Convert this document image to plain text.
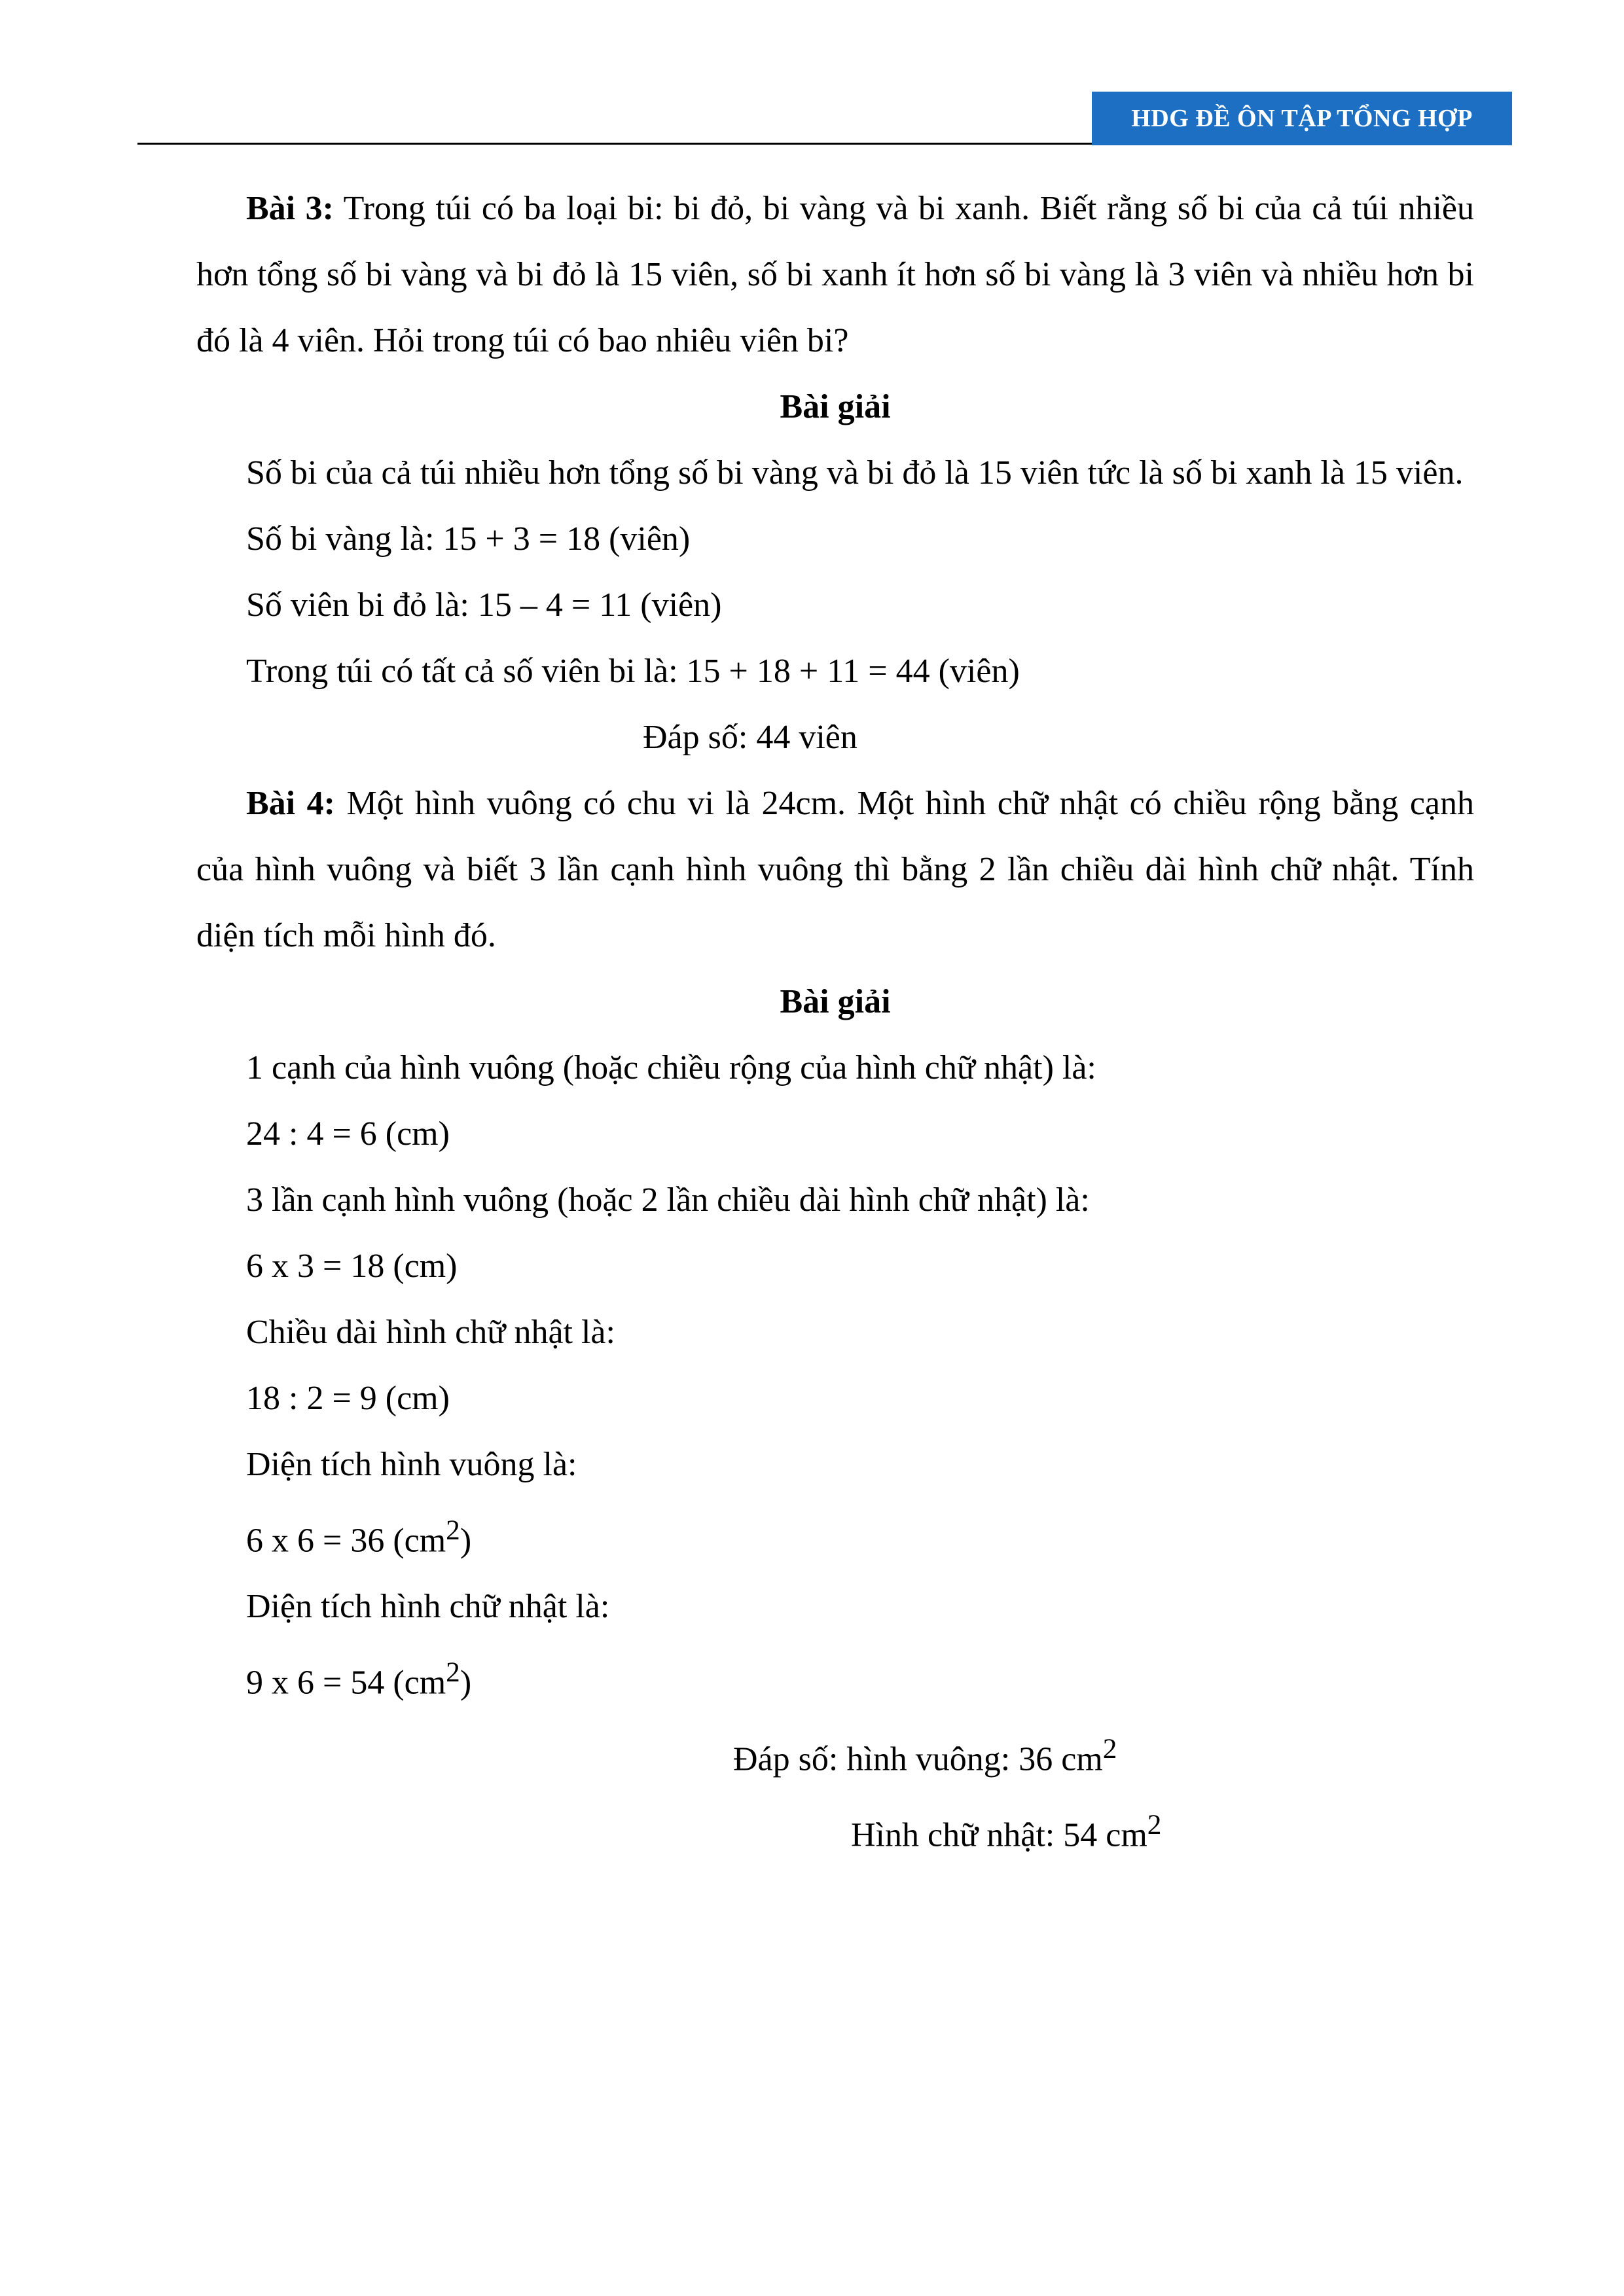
HDG ĐỀ ÔN TẬP TỔNG HỢP

Bài 3: Trong túi có ba loại bi: bi đỏ, bi vàng và bi xanh. Biết rằng số bi của cả túi nhiều hơn tổng số bi vàng và bi đỏ là 15 viên, số bi xanh ít hơn số bi vàng là 3 viên và nhiều hơn bi đó là 4 viên. Hỏi trong túi có bao nhiêu viên bi?

Bài giải

Số bi của cả túi nhiều hơn tổng số bi vàng và bi đỏ là 15 viên tức là số bi xanh là 15 viên.

Số bi vàng là: 15 + 3 = 18 (viên)

Số viên bi đỏ là: 15 – 4 = 11 (viên)

Trong túi có tất cả số viên bi là: 15 + 18 + 11 = 44 (viên)

Đáp số: 44 viên

Bài 4: Một hình vuông có chu vi là 24cm. Một hình chữ nhật có chiều rộng bằng cạnh của hình vuông và biết 3 lần cạnh hình vuông thì bằng 2 lần chiều dài hình chữ nhật. Tính diện tích mỗi hình đó.

Bài giải

1 cạnh của hình vuông (hoặc chiều rộng của hình chữ nhật) là:

24 : 4 = 6 (cm)

3 lần cạnh hình vuông (hoặc 2 lần chiều dài hình chữ nhật) là:

6 x 3 = 18 (cm)

Chiều dài hình chữ nhật là:

18 : 2 = 9 (cm)

Diện tích hình vuông là:

6 x 6 = 36 $(cm^2)$

Diện tích hình chữ nhật là:

9 x 6 = 54 $(cm^2)$

Đáp số: hình vuông: 36 $cm^2$

Hình chữ nhật: 54 $cm^2$
